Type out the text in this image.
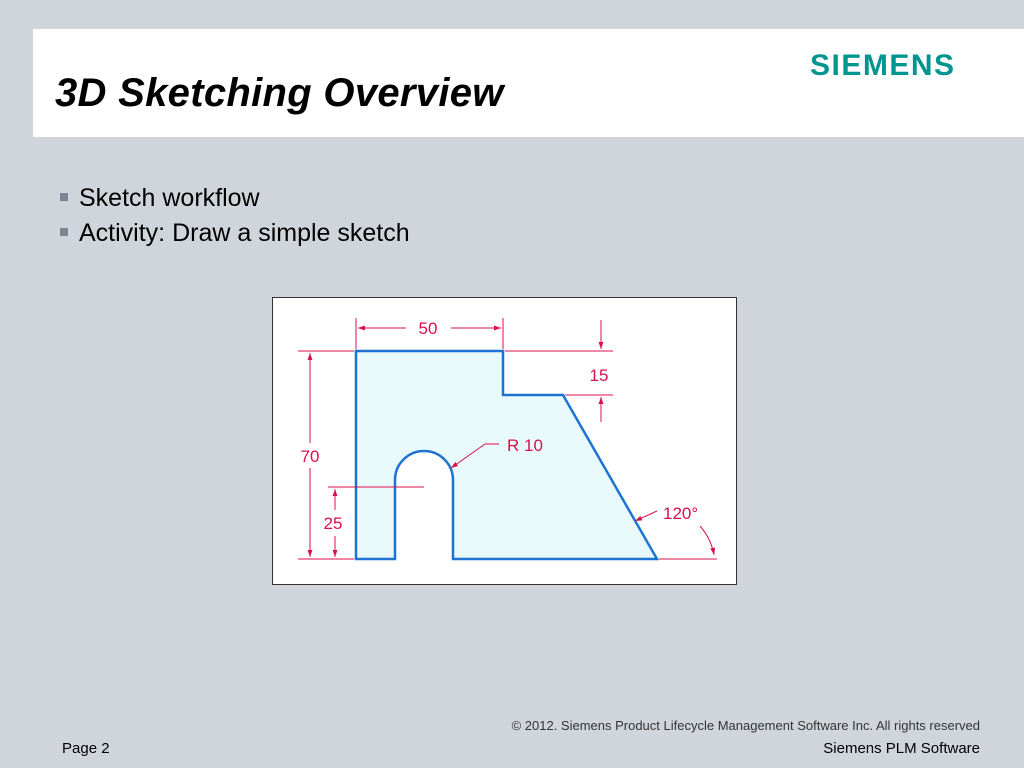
3D Sketching Overview
SIEMENS
Sketch workflow
Activity: Draw a simple sketch
50
15
70
25
R 10
120°
© 2012. Siemens Product Lifecycle Management Software Inc. All rights reserved
Page 2	Siemens PLM Software
